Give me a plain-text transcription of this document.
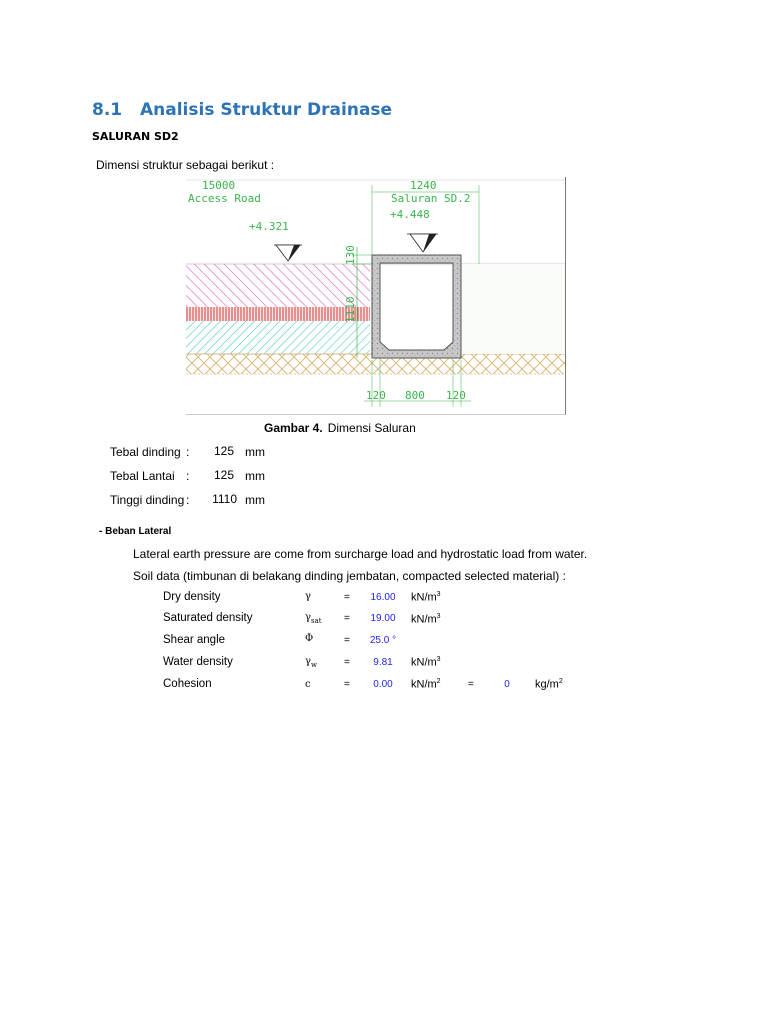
8.1 Analisis Struktur Drainase
SALURAN SD2
Dimensi struktur sebagai berikut :
130
1110
15000
Access Road
1240
Saluran SD.2
+4.321
+4.448
120 800 120
Gambar 4. Dimensi Saluran
Tebal dinding :	125 mm
Tebal Lantai :	125 mm
Tinggi dinding :	1110 mm
- Beban Lateral
Lateral earth pressure are come from surcharge load and hydrostatic load from water.
Soil data (timbunan di belakang dinding jembatan, compacted selected material) :
Dry density	γ	=	16.00	$kN/m^3$
Saturated density	$\gamma_{sat}$ =	19.00	$kN/m^3$
Shear angle	Φ	=	25.0 °
Water density	$\gamma_w$	=	9.81	$kN/m^3$
Cohesion	c	=	0.00	$kN/m^2$	=	0	$kg/m^2$
